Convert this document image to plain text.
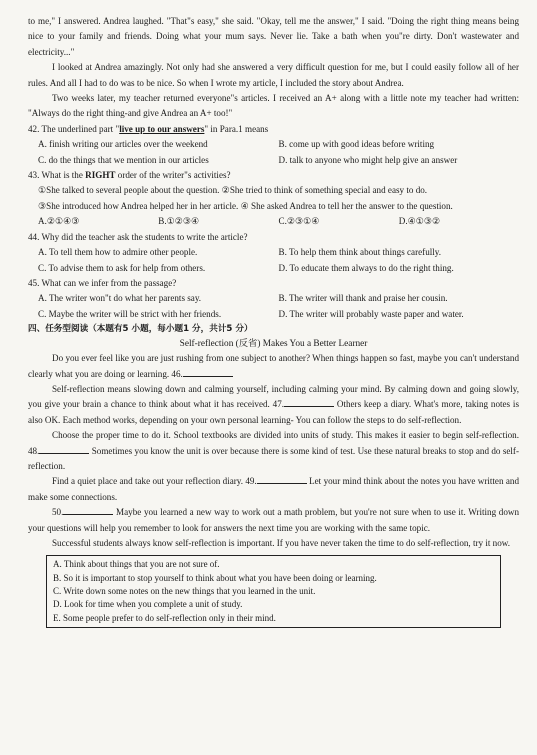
to me," I answered. Andrea laughed. "That"s easy," she said. "Okay, tell me the answer," I said. "Doing the right thing means being nice to your family and friends. Doing what your mum says. Never lie. Take a bath when you"re dirty. Don't wastewater and electricity..."

I looked at Andrea amazingly. Not only had she answered a very difficult question for me, but I could easily follow all of her rules. And all I had to do was to be nice. So when I wrote my article, I included the story about Andrea.

Two weeks later, my teacher returned everyone"s articles. I received an A+ along with a little note my teacher had written: "Always do the right thing-and give Andrea an A+ too!"

42. The underlined part "live up to our answers" in Para.1 means

A. finish writing our articles over the weekend	B. come up with good ideas before writing
C. do the things that we mention in our articles	D. talk to anyone who might help give an answer

43. What is the RIGHT order of the writer"s activities?

①She talked to several people about the question. ②She tried to think of something special and easy to do.

③She introduced how Andrea helped her in her article. ④ She asked Andrea to tell her the answer to the question.

A.②①④③	B.①②③④	C.②③①④	D.④①③②

44. Why did the teacher ask the students to write the article?

A. To tell them how to admire other people.	B. To help them think about things carefully.
C. To advise them to ask for help from others.	D. To educate them always to do the right thing.

45. What can we infer from the passage?

A. The writer won"t do what her parents say.	B. The writer will thank and praise her cousin.
C. Maybe the writer will be strict with her friends.	D. The writer will probably waste paper and water.

四、任务型阅读（本题有5 小题，每小题1 分，共计5 分）

Self-reflection (反省) Makes You a Better Learner

Do you ever feel like you are just rushing from one subject to another? When things happen so fast, maybe you can't understand clearly what you are doing or learning. 46.

Self-reflection means slowing down and calming yourself, including calming your mind. By calming down and going slowly, you give your brain a chance to think about what it has received. 47.	Others keep a diary. What's more, taking notes is also OK. Each method works, depending on your own personal learning- You can follow the steps to do self-reflection.

Choose the proper time to do it. School textbooks are divided into units of study. This makes it easier to begin self-reflection. 48.	Sometimes you know the unit is over because there is some kind of test. Use these natural breaks to stop and do self-reflection.

Find a quiet place and take out your reflection diary. 49.	Let your mind think about the notes you have written and make some connections.

50.	Maybe you learned a new way to work out a math problem, but you're not sure when to use it. Writing down your questions will help you remember to look for answers the next time you are working with the same topic.

Successful students always know self-reflection is important. If you have never taken the time to do self-reflection, try it now.

A. Think about things that you are not sure of.
B. So it is important to stop yourself to think about what you have been doing or learning.
C. Write down some notes on the new things that you learned in the unit.
D. Look for time when you complete a unit of study.
E. Some people prefer to do self-reflection only in their mind.
